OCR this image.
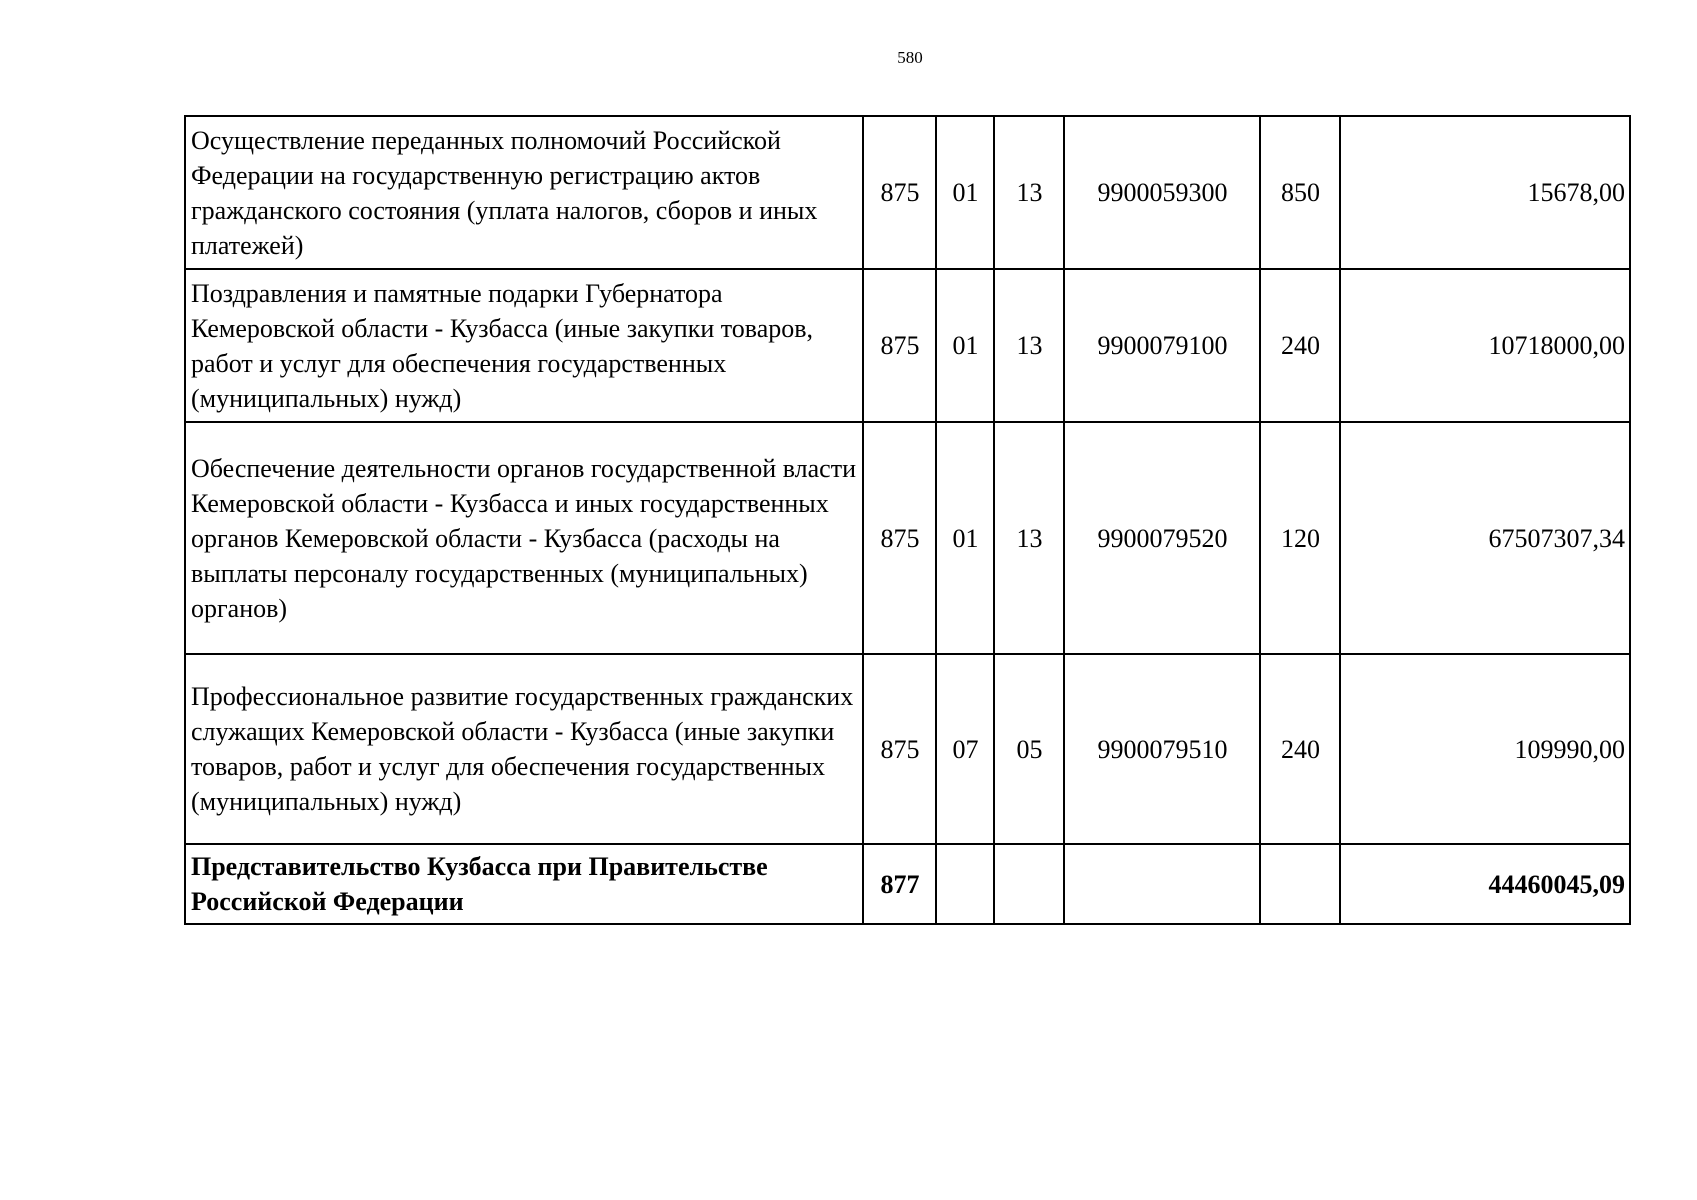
580
Осуществление переданных полномочий Российской Федерации на государственную регистрацию актов гражданского состояния (уплата налогов, сборов и иных платежей)	875	01	13	9900059300	850	15678,00
Поздравления и памятные подарки Губернатора Кемеровской области - Кузбасса (иные закупки товаров, работ и услуг для обеспечения государственных (муниципальных) нужд)	875	01	13	9900079100	240	10718000,00
Обеспечение деятельности органов государственной власти Кемеровской области - Кузбасса и иных государственных органов Кемеровской области - Кузбасса (расходы на выплаты персоналу государственных (муниципальных) органов)	875	01	13	9900079520	120	67507307,34
Профессиональное развитие государственных гражданских служащих Кемеровской области - Кузбасса (иные закупки товаров, работ и услуг для обеспечения государственных (муниципальных) нужд)	875	07	05	9900079510	240	109990,00
Представительство Кузбасса при Правительстве Российской Федерации	877					44460045,09
